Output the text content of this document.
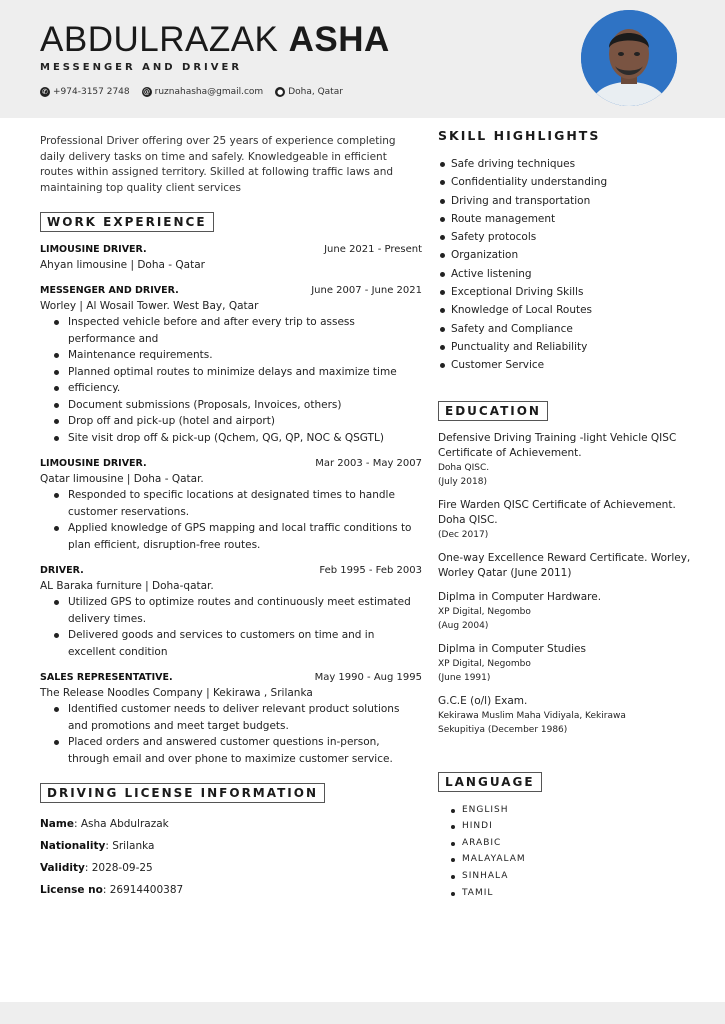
ABDULRAZAK ASHA
MESSENGER AND DRIVER
✆ +974-3157 2748 @ ruznahasha@gmail.com ● Doha, Qatar

Professional Driver offering over 25 years of experience completing daily delivery tasks on time and safely. Knowledgeable in efficient routes within assigned territory. Skilled at following traffic laws and maintaining top quality client services

WORK EXPERIENCE
LIMOUSINE DRIVER.	June 2021 - Present
Ahyan limousine | Doha - Qatar
MESSENGER AND DRIVER.	June 2007 - June 2021
Worley | Al Wosail Tower. West Bay, Qatar
Inspected vehicle before and after every trip to assess performance and
Maintenance requirements.
Planned optimal routes to minimize delays and maximize time
efficiency.
Document submissions (Proposals, Invoices, others)
Drop off and pick-up (hotel and airport)
Site visit drop off & pick-up (Qchem, QG, QP, NOC & QSGTL)
LIMOUSINE DRIVER.	Mar 2003 - May 2007
Qatar limousine | Doha - Qatar.
Responded to specific locations at designated times to handle customer reservations.
Applied knowledge of GPS mapping and local traffic conditions to plan efficient, disruption-free routes.
DRIVER.	Feb 1995 - Feb 2003
AL Baraka furniture | Doha-qatar.
Utilized GPS to optimize routes and continuously meet estimated delivery times.
Delivered goods and services to customers on time and in excellent condition
SALES REPRESENTATIVE.	May 1990 - Aug 1995
The Release Noodles Company | Kekirawa , Srilanka
Identified customer needs to deliver relevant product solutions and promotions and meet target budgets.
Placed orders and answered customer questions in-person, through email and over phone to maximize customer service.
DRIVING LICENSE INFORMATION
Name: Asha Abdulrazak
Nationality: Srilanka
Validity: 2028-09-25
License no: 26914400387
SKILL HIGHLIGHTS
Safe driving techniques
Confidentiality understanding
Driving and transportation
Route management
Safety protocols
Organization
Active listening
Exceptional Driving Skills
Knowledge of Local Routes
Safety and Compliance
Punctuality and Reliability
Customer Service
EDUCATION
Defensive Driving Training -light Vehicle QISC Certificate of Achievement.
Doha QISC.
(July 2018)
Fire Warden QISC Certificate of Achievement. Doha QISC.
(Dec 2017)
One-way Excellence Reward Certificate. Worley, Worley Qatar (June 2011)
Diplma in Computer Hardware.
XP Digital, Negombo
(Aug 2004)
Diplma in Computer Studies
XP Digital, Negombo
(June 1991)
G.C.E (o/l) Exam.
Kekirawa Muslim Maha Vidiyala, Kekirawa
Sekupitiya (December 1986)
LANGUAGE
ENGLISH
HINDI
ARABIC
MALAYALAM
SINHALA
TAMIL
